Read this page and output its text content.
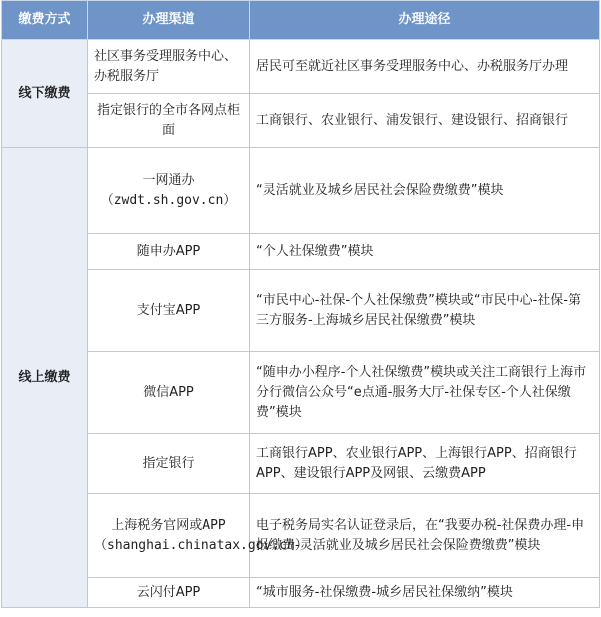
缴费方式	办理渠道	办理途径
线下缴费	社区事务受理服务中心、办税服务厅	居民可至就近社区事务受理服务中心、办税服务厅办理
	指定银行的全市各网点柜面	工商银行、农业银行、浦发银行、建设银行、招商银行
线上缴费	一网通办（zwdt.sh.gov.cn）	“灵活就业及城乡居民社会保险费缴费”模块
	随申办APP	“个人社保缴费”模块
	支付宝APP	“市民中心-社保-个人社保缴费”模块或“市民中心-社保-第三方服务-上海城乡居民社保缴费”模块
	微信APP	“随申办小程序-个人社保缴费”模块或关注工商银行上海市分行微信公众号“e点通-服务大厅-社保专区-个人社保缴费”模块
	指定银行	工商银行APP、农业银行APP、上海银行APP、招商银行APP、建设银行APP及网银、云缴费APP
	上海税务官网或APP（shanghai.chinatax.gov.cn）	电子税务局实名认证登录后，在“我要办税-社保费办理-申报缴费-灵活就业及城乡居民社会保险费缴费”模块
	云闪付APP	“城市服务-社保缴费-城乡居民社保缴纳”模块
